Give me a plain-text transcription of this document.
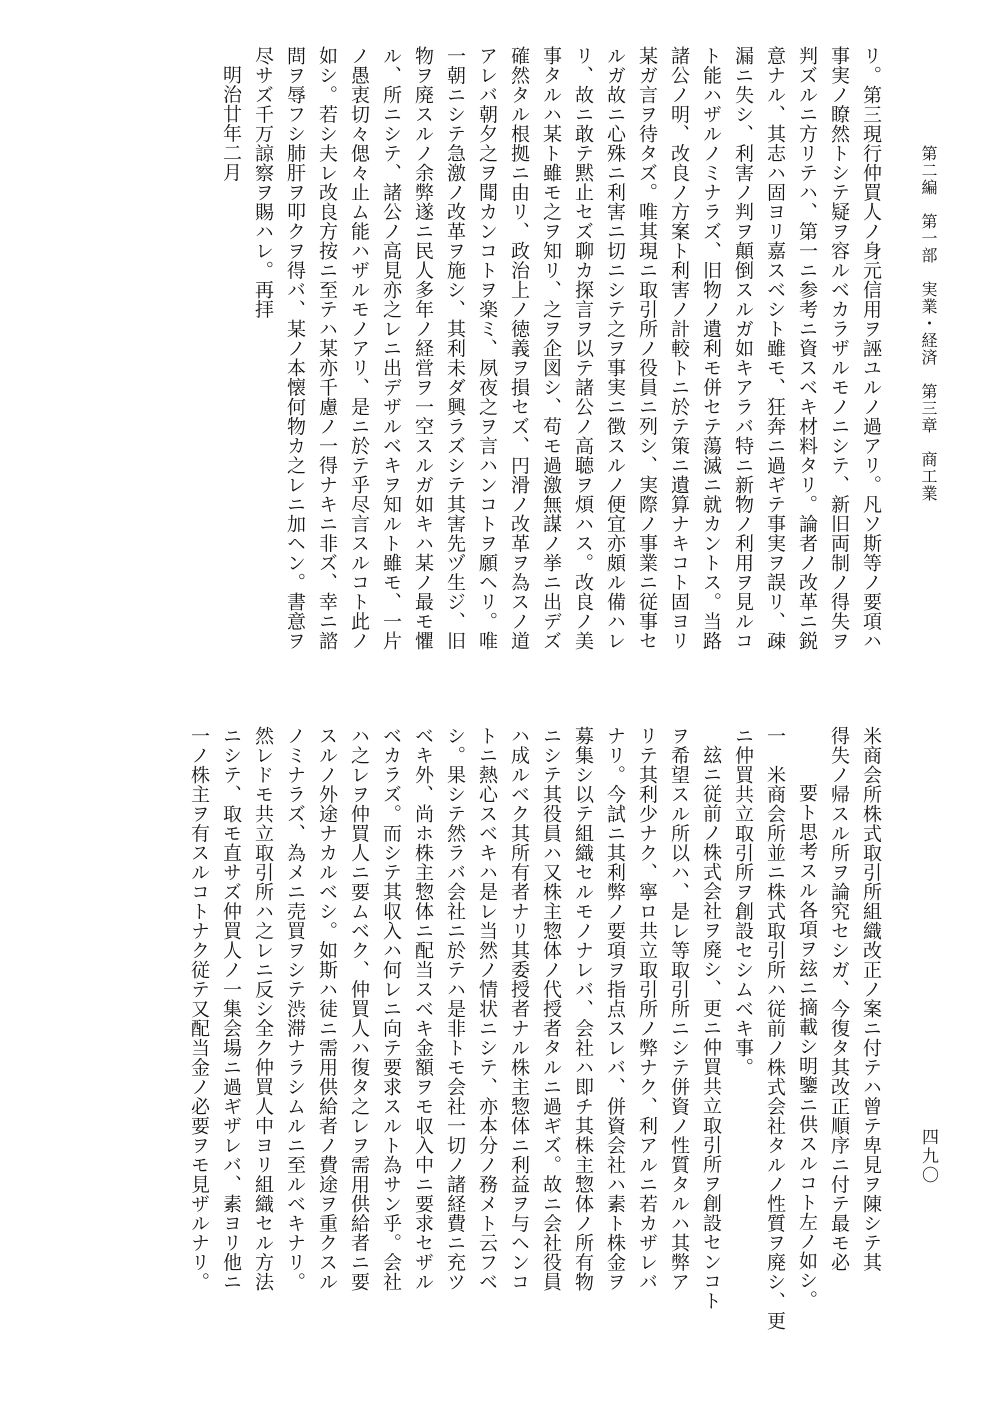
第二編　第一部　実業・経済　第三章　商工業
四九〇

リ。第三現行仲買人ノ身元信用ヲ誣ユルノ過アリ。凡ソ斯等ノ要項ハ

事実ノ瞭然トシテ疑ヲ容ルベカラザルモノニシテ、新旧両制ノ得失ヲ

判ズルニ方リテハ、第一ニ参考ニ資スベキ材料タリ。論者ノ改革ニ鋭

意ナル、其志ハ固ヨリ嘉スベシト雖モ、狂奔ニ過ギテ事実ヲ誤リ、疎

漏ニ失シ、利害ノ判ヲ顛倒スルガ如キアラバ特ニ新物ノ利用ヲ見ルコ

ト能ハザルノミナラズ、旧物ノ遺利モ併セテ蕩滅ニ就カントス。当路

諸公ノ明、改良ノ方案ト利害ノ計較トニ於テ策ニ遺算ナキコト固ヨリ

某ガ言ヲ待タズ。唯其現ニ取引所ノ役員ニ列シ、実際ノ事業ニ従事セ

ルガ故ニ心殊ニ利害ニ切ニシテ之ヲ事実ニ徴スルノ便宜亦頗ル備ハレ

リ、故ニ敢テ黙止セズ聊カ探言ヲ以テ諸公ノ高聴ヲ煩ハス。改良ノ美

事タルハ某ト雖モ之ヲ知リ、之ヲ企図シ、苟モ過激無謀ノ挙ニ出デズ

確然タル根拠ニ由リ、政治上ノ徳義ヲ損セズ、円滑ノ改革ヲ為スノ道

アレバ朝夕之ヲ聞カンコトヲ楽ミ、夙夜之ヲ言ハンコトヲ願ヘリ。唯

一朝ニシテ急激ノ改革ヲ施シ、其利未ダ興ラズシテ其害先ヅ生ジ、旧

物ヲ廃スルノ余弊遂ニ民人多年ノ経営ヲ一空スルガ如キハ某ノ最モ懼

ル、所ニシテ、諸公ノ高見亦之レニ出デザルベキヲ知ルト雖モ、一片

ノ愚衷切々偲々止ム能ハザルモノアリ、是ニ於テ乎尽言スルコト此ノ

如シ。若シ夫レ改良方按ニ至テハ某亦千慮ノ一得ナキニ非ズ、幸ニ諮

問ヲ辱フシ肺肝ヲ叩クヲ得バ、某ノ本懐何物カ之レニ加ヘン。書意ヲ

尽サズ千万諒察ヲ賜ハレ。再拝

明治廿年二月

米商会所株式取引所組織改正ノ案ニ付テハ曾テ卑見ヲ陳シテ其

得失ノ帰スル所ヲ論究セシガ、今復タ其改正順序ニ付テ最モ必

要ト思考スル各項ヲ玆ニ摘載シ明鑒ニ供スルコト左ノ如シ。

一　米商会所並ニ株式取引所ハ従前ノ株式会社タルノ性質ヲ廃シ、更

ニ仲買共立取引所ヲ創設セシムベキ事。

玆ニ従前ノ株式会社ヲ廃シ、更ニ仲買共立取引所ヲ創設センコト

ヲ希望スル所以ハ、是レ等取引所ニシテ併資ノ性質タルハ其弊ア

リテ其利少ナク、寧ロ共立取引所ノ弊ナク、利アルニ若カザレバ

ナリ。今試ニ其利弊ノ要項ヲ指点スレバ、併資会社ハ素ト株金ヲ

募集シ以テ組織セルモノナレバ、会社ハ即チ其株主惣体ノ所有物

ニシテ其役員ハ又株主惣体ノ代授者タルニ過ギズ。故ニ会社役員

ハ成ルベク其所有者ナリ其委授者ナル株主惣体ニ利益ヲ与ヘンコ

トニ熱心スベキハ是レ当然ノ情状ニシテ、亦本分ノ務メト云フベ

シ。果シテ然ラバ会社ニ於テハ是非トモ会社一切ノ諸経費ニ充ツ

ベキ外、尚ホ株主惣体ニ配当スベキ金額ヲモ収入中ニ要求セザル

ベカラズ。而シテ其収入ハ何レニ向テ要求スルト為サン乎。会社

ハ之レヲ仲買人ニ要ムベク、仲買人ハ復タ之レヲ需用供給者ニ要

スルノ外途ナカルベシ。如斯ハ徒ニ需用供給者ノ費途ヲ重クスル

ノミナラズ、為メニ売買ヲシテ渋滞ナラシムルニ至ルベキナリ。

然レドモ共立取引所ハ之レニ反シ全ク仲買人中ヨリ組織セル方法

ニシテ、取モ直サズ仲買人ノ一集会場ニ過ギザレバ、素ヨリ他ニ

一ノ株主ヲ有スルコトナク従テ又配当金ノ必要ヲモ見ザルナリ。
